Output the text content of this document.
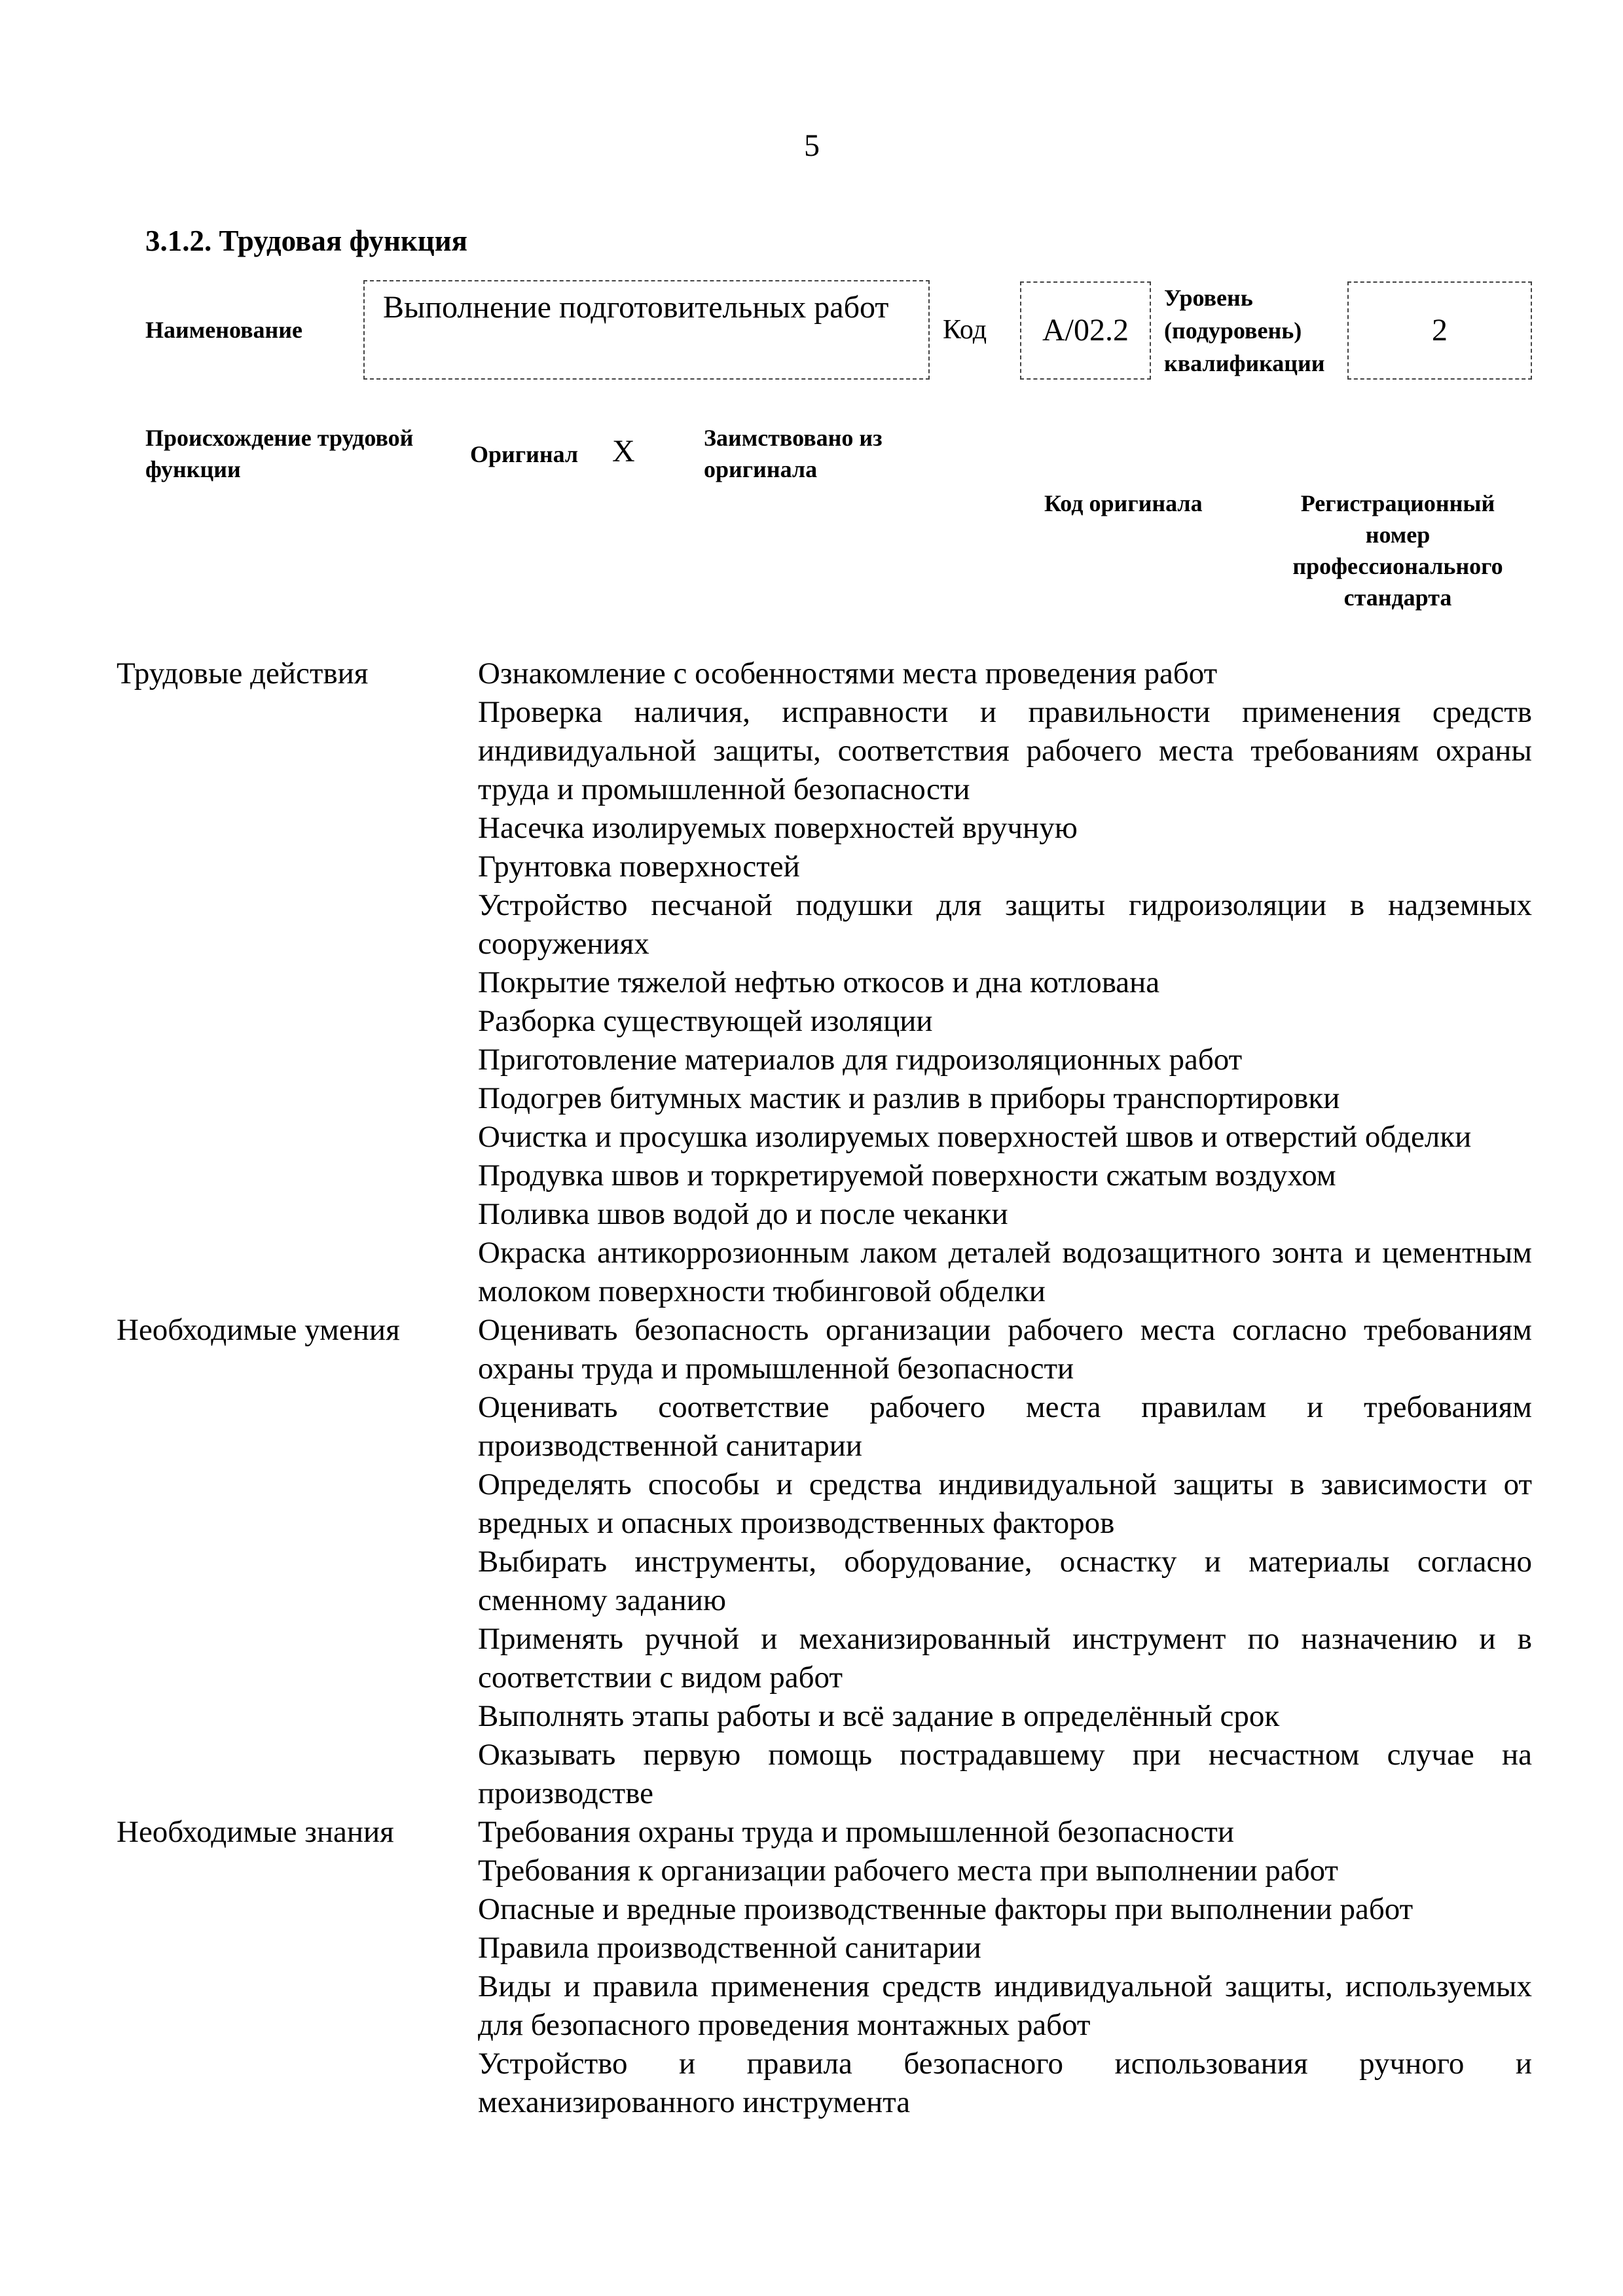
5
3.1.2. Трудовая функция
Наименование
Выполнение подготовительных работ
Код	A/02.2
Уровень
(подуровень)
квалификации
2
Происхождение трудовой
функции
Оригинал X	Заимствовано из
оригинала
Код оригинала	Регистрационный
номер
профессионального
стандарта
Трудовые действия	Ознакомление с особенностями места проведения работ
	Проверка наличия, исправности и правильности применения средств индивидуальной защиты, соответствия рабочего места требованиям охраны труда и промышленной безопасности
	Насечка изолируемых поверхностей вручную
	Грунтовка поверхностей
	Устройство песчаной подушки для защиты гидроизоляции в надземных сооружениях
	Покрытие тяжелой нефтью откосов и дна котлована
	Разборка существующей изоляции
	Приготовление материалов для гидроизоляционных работ
	Подогрев битумных мастик и разлив в приборы транспортировки
	Очистка и просушка изолируемых поверхностей швов и отверстий обделки
	Продувка швов и торкретируемой поверхности сжатым воздухом
	Поливка швов водой до и после чеканки
	Окраска антикоррозионным лаком деталей водозащитного зонта и цементным молоком поверхности тюбинговой обделки
Необходимые умения	Оценивать безопасность организации рабочего места согласно требованиям охраны труда и промышленной безопасности
	Оценивать соответствие рабочего места правилам и требованиям производственной санитарии
	Определять способы и средства индивидуальной защиты в зависимости от вредных и опасных производственных факторов
	Выбирать инструменты, оборудование, оснастку и материалы согласно сменному заданию
	Применять ручной и механизированный инструмент по назначению и в соответствии с видом работ
	Выполнять этапы работы и всё задание в определённый срок
	Оказывать первую помощь пострадавшему при несчастном случае на производстве
Необходимые знания	Требования охраны труда и промышленной безопасности
	Требования к организации рабочего места при выполнении работ
	Опасные и вредные производственные факторы при выполнении работ
	Правила производственной санитарии
	Виды и правила применения средств индивидуальной защиты, используемых для безопасного проведения монтажных работ
	Устройство и правила безопасного использования ручного и механизированного инструмента
